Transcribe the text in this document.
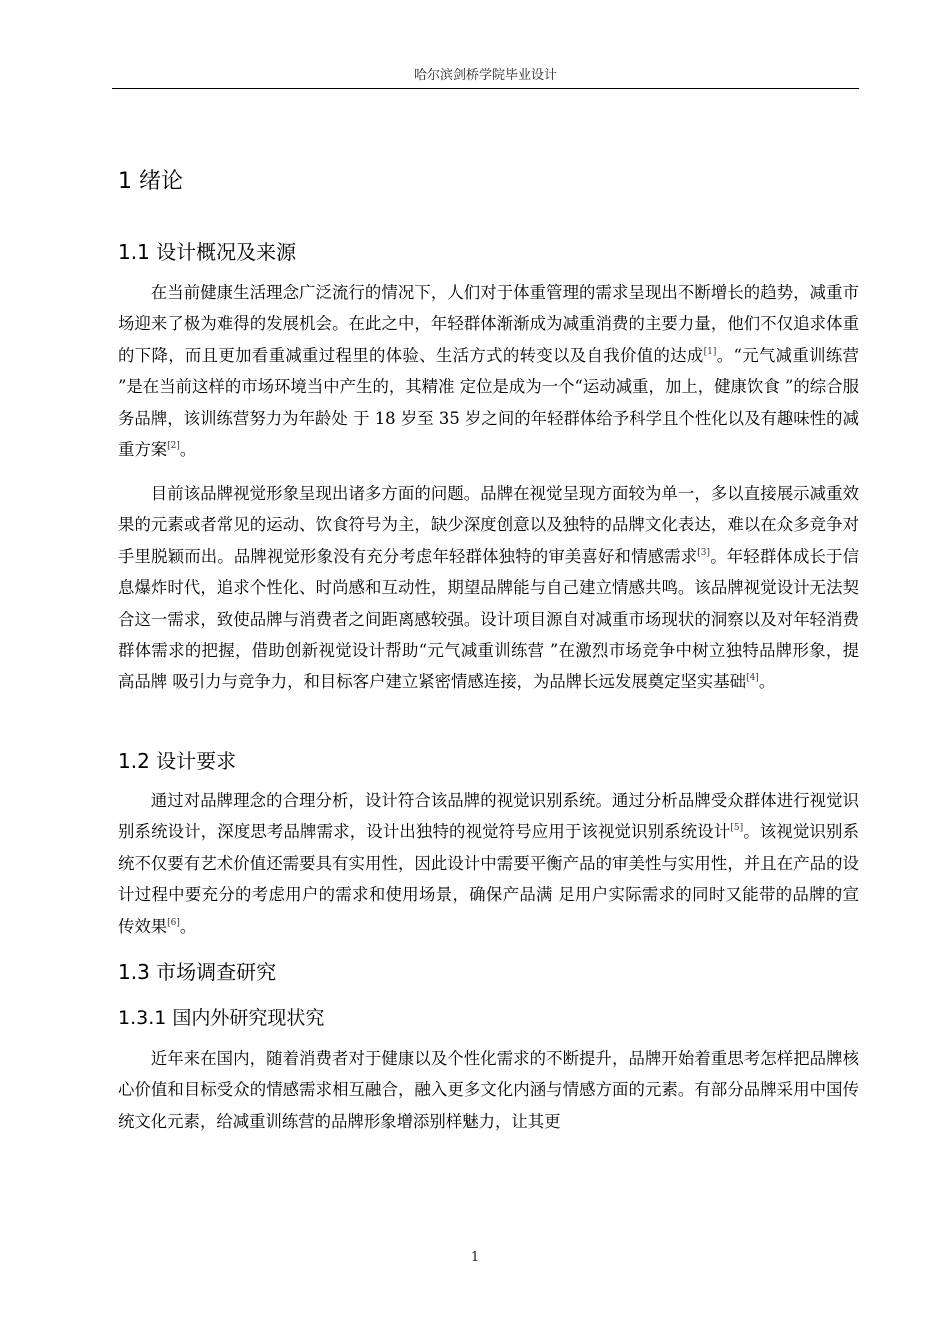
哈尔滨剑桥学院毕业设计
1 绪论
1.1 设计概况及来源

在当前健康生活理念广泛流行的情况下，人们对于体重管理的需求呈现出不断增长的趋势，减重市场迎来了极为难得的发展机会。在此之中，年轻群体渐渐成为减重消费的主要力量，他们不仅追求体重的下降，而且更加看重减重过程里的体验、生活方式的转变以及自我价值的达成[1]。“元气减重训练营 ”是在当前这样的市场环境当中产生的，其精准 定位是成为一个“运动减重，加上，健康饮食 ”的综合服务品牌，该训练营努力为年龄处 于 18 岁至 35 岁之间的年轻群体给予科学且个性化以及有趣味性的减重方案[2]。

目前该品牌视觉形象呈现出诸多方面的问题。品牌在视觉呈现方面较为单一，多以直接展示减重效果的元素或者常见的运动、饮食符号为主，缺少深度创意以及独特的品牌文化表达，难以在众多竞争对手里脱颖而出。品牌视觉形象没有充分考虑年轻群体独特的审美喜好和情感需求[3]。年轻群体成长于信息爆炸时代，追求个性化、时尚感和互动性，期望品牌能与自己建立情感共鸣。该品牌视觉设计无法契合这一需求，致使品牌与消费者之间距离感较强。设计项目源自对减重市场现状的洞察以及对年轻消费群体需求的把握，借助创新视觉设计帮助“元气减重训练营 ”在激烈市场竞争中树立独特品牌形象，提高品牌 吸引力与竞争力，和目标客户建立紧密情感连接，为品牌长远发展奠定坚实基础[4]。

1.2 设计要求

通过对品牌理念的合理分析，设计符合该品牌的视觉识别系统。通过分析品牌受众群体进行视觉识别系统设计，深度思考品牌需求，设计出独特的视觉符号应用于该视觉识别系统设计[5]。该视觉识别系统不仅要有艺术价值还需要具有实用性，因此设计中需要平衡产品的审美性与实用性，并且在产品的设计过程中要充分的考虑用户的需求和使用场景，确保产品满 足用户实际需求的同时又能带的品牌的宣传效果[6]。

1.3 市场调查研究
1.3.1 国内外研究现状究

近年来在国内，随着消费者对于健康以及个性化需求的不断提升，品牌开始着重思考怎样把品牌核心价值和目标受众的情感需求相互融合，融入更多文化内涵与情感方面的元素。有部分品牌采用中国传统文化元素，给减重训练营的品牌形象增添别样魅力，让其更

1
